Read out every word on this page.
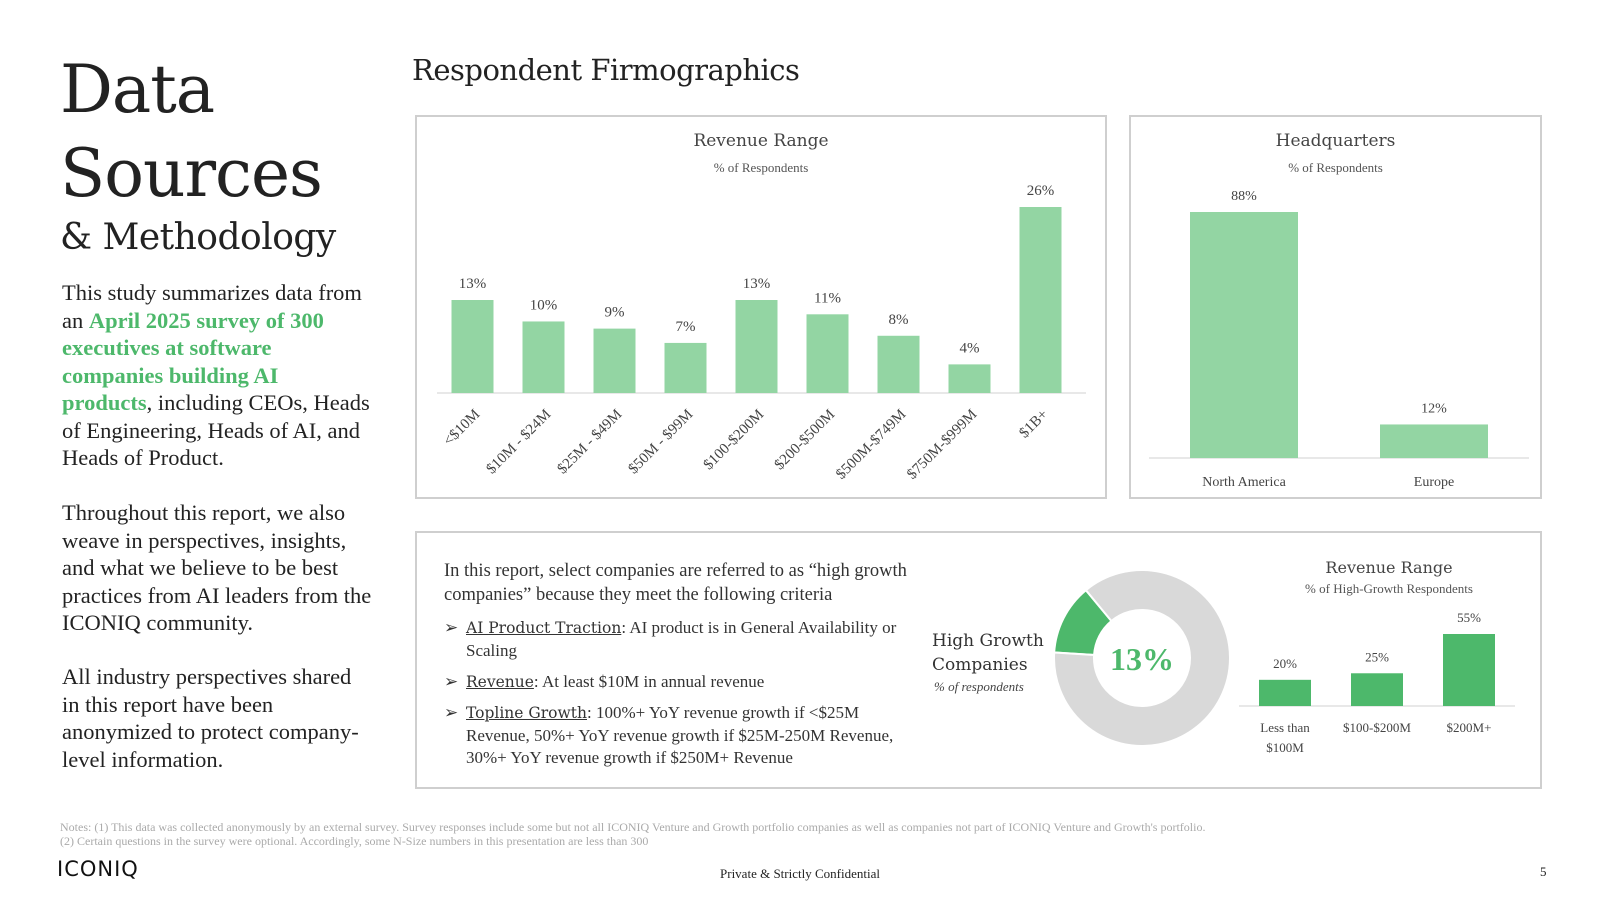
Data
Sources
& Methodology
This study summarizes data from an April 2025 survey of 300 executives at software companies building AI products, including CEOs, Heads of Engineering, Heads of AI, and Heads of Product.
Throughout this report, we also weave in perspectives, insights, and what we believe to be best practices from AI leaders from the ICONIQ community.
All industry perspectives shared in this report have been anonymized to protect company-level information.
Respondent Firmographics
Revenue Range
% of Respondents
13%
<$10M
10%
$10M - $24M
9%
$25M - $49M
7%
$50M - $99M
13%
$100-$200M
11%
$200-$500M
8%
$500M-$749M
4%
$750M-$999M
26%
$1B+
Headquarters
% of Respondents
88%
North America
12%
Europe
In this report, select companies are referred to as “high growth companies” because they meet the following criteria
➢ AI Product Traction: AI product is in General Availability or Scaling
➢ Revenue: At least $10M in annual revenue
➢ Topline Growth: 100%+ YoY revenue growth if <$25M Revenue, 50%+ YoY revenue growth if $25M-250M Revenue, 30%+ YoY revenue growth if $250M+ Revenue
High Growth Companies
% of respondents
13%
Revenue Range
% of High-Growth Respondents
20%
Less than
$100M
25%
$100-$200M
55%
$200M+
Notes: (1) This data was collected anonymously by an external survey. Survey responses include some but not all ICONIQ Venture and Growth portfolio companies as well as companies not part of ICONIQ Venture and Growth's portfolio.
(2) Certain questions in the survey were optional. Accordingly, some N-Size numbers in this presentation are less than 300
ICONIQ	Private & Strictly Confidential	5
